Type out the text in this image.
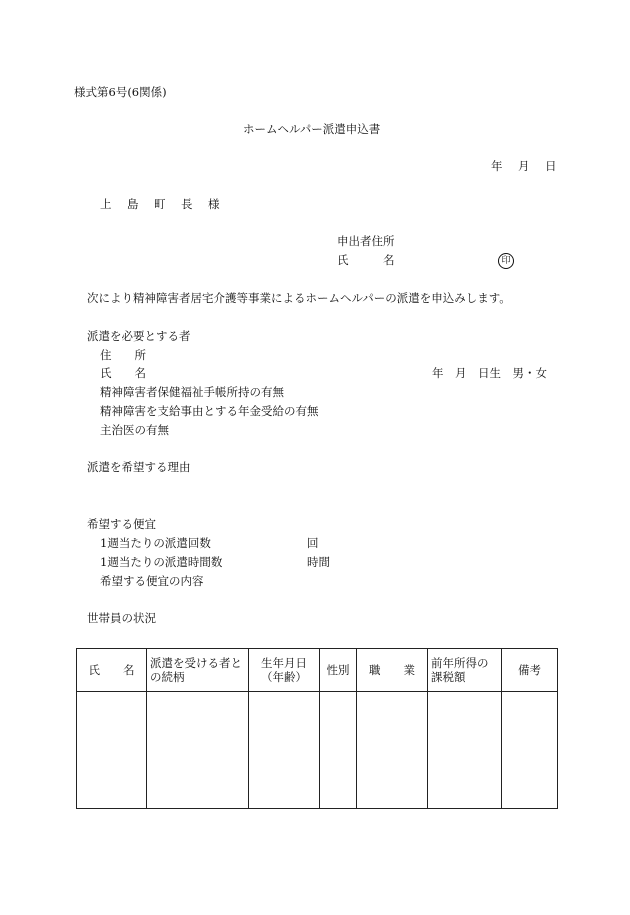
様式第6号(6関係)
ホームヘルパー派遣申込書
年　月　日
上　島　町　長　様
申出者住所
氏　　　名	印
次により精神障害者居宅介護等事業によるホームヘルパーの派遣を申込みします。
派遣を必要とする者
住　　所
氏　　名	年　月　日生　男・女
精神障害者保健福祉手帳所持の有無
精神障害を支給事由とする年金受給の有無
主治医の有無
派遣を希望する理由
希望する便宜
1週当たりの派遣回数	回
1週当たりの派遣時間数	時間
希望する便宜の内容
世帯員の状況
氏　　名	派遣を受ける者との続柄	生年月日（年齢）	性別	職　　業	前年所得の課税額	備考
